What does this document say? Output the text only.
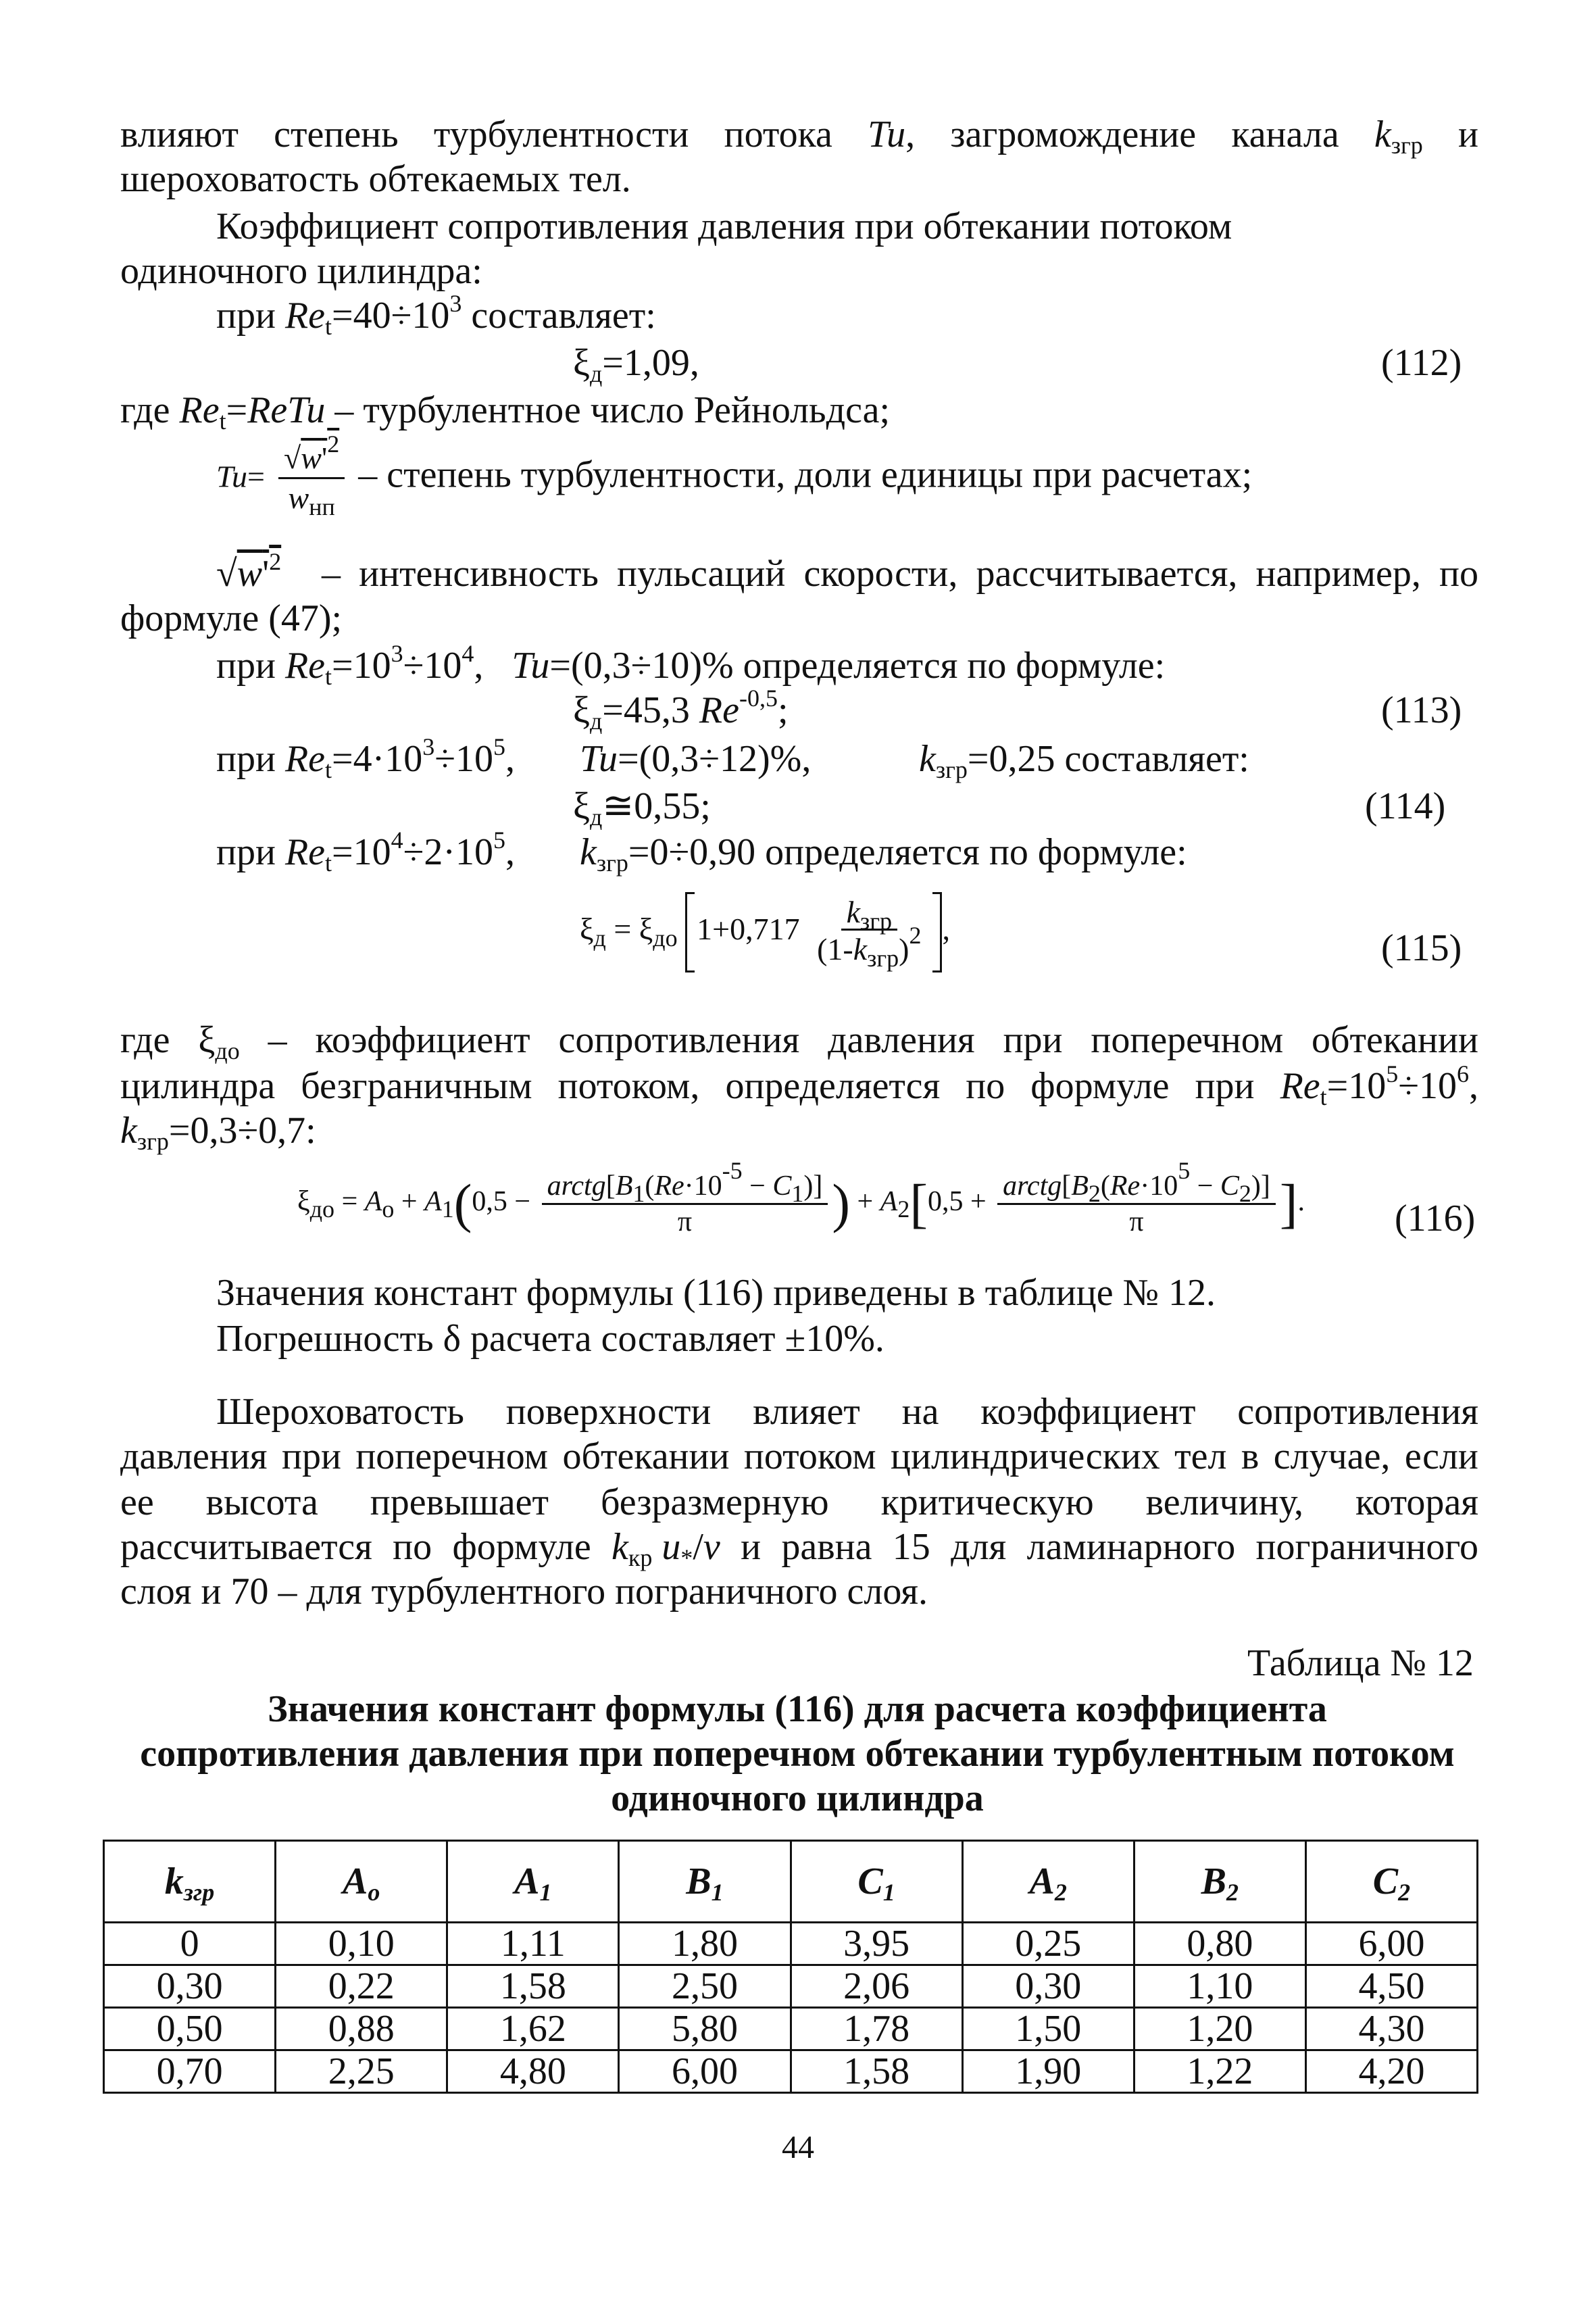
влияют степень турбулентности потока Tu, загромождение канала $k_{згр}$ и
шероховатость обтекаемых тел.
Коэффициент сопротивления давления при обтекании потоком
одиночного цилиндра:
при $Re_t=40\div 10^3$ составляет:
$\xi_д=1,09$,	(112)
где $Re_t=ReTu$ – турбулентное число Рейнольдса;
$Tu= \frac{√w'^2}{w_{нп}}$ – степень турбулентности, доли единицы при расчетах;
$√w'^2$ – интенсивность пульсаций скорости, рассчитывается, например, по
формуле (47);
при $Re_t=10^3\div 10^4$,   Tu=(0,3÷10)% определяется по формуле:
$\xi_д=45,3$ $Re^{-0,5}$;	(113)
при $Re_t=4\cdot 10^3\div 10^5$, Tu=(0,3÷12)%,	$k_{згр}=0,25$ составляет:
$\xi_д≅0,55$;	(114)
при $Re_t=10^4\div 2\cdot 10^5$, $k_{згр}=0\div 0,90$ определяется по формуле:
$\xi_д = \xi_{до}$
$1+0,717 \frac{k_{згр}}{(1-k_{згр})^2}$ ,	(115)
где $\xi_{до}$ – коэффициент сопротивления давления при поперечном обтекании
цилиндра безграничным потоком, определяется по формуле при $Re_t=10^5\div 10^6$,
$k_{згр}=0,3\div 0,7$:
$\xi_{до} = A_о + A_1(0,5 - \frac{arctg[B_1(Re\cdot 10^{-5} - C_1)]}{\pi}$ ) + $A_2[0,5 + \frac{arctg[B_2(Re\cdot 10^5 - C_2)]}{\pi}$ ]. (116)
Значения констант формулы (116) приведены в таблице № 12.
Погрешность δ расчета составляет ±10%.
Шероховатость поверхности влияет на коэффициент сопротивления
давления при поперечном обтекании потоком цилиндрических тел в случае, если
ее высота превышает безразмерную критическую величину, которая
рассчитывается по формуле $k_{кр}$ $u_*/\nu$ и равна 15 для ламинарного пограничного
слоя и 70 – для турбулентного пограничного слоя.
Таблица № 12
Значения констант формулы (116) для расчета коэффициента
сопротивления давления при поперечном обтекании турбулентным потоком
одиночного цилиндра
$k_{згр}$	$A_о$	$A_1$	$B_1$	$C_1$	$A_2$	$B_2$	$C_2$
0	0,10	1,11	1,80	3,95	0,25	0,80	6,00
0,30	0,22	1,58	2,50	2,06	0,30	1,10	4,50
0,50	0,88	1,62	5,80	1,78	1,50	1,20	4,30
0,70	2,25	4,80	6,00	1,58	1,90	1,22	4,20
44
